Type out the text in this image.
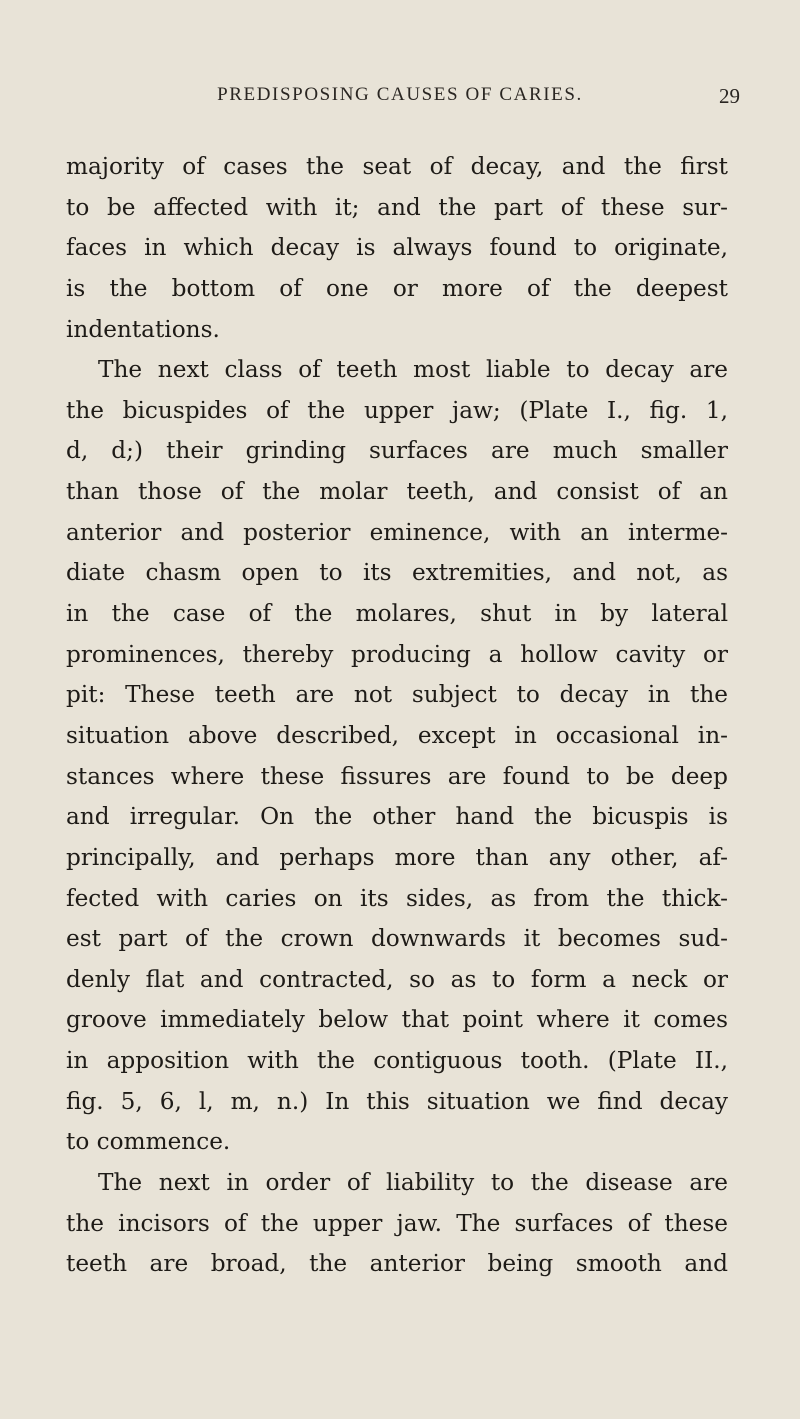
PREDISPOSING CAUSES OF CARIES.	29
majority of cases the seat of decay, and the first
to be affected with it; and the part of these sur-
faces in which decay is always found to originate,
is the bottom of one or more of the deepest
indentations.
The next class of teeth most liable to decay are
the bicuspides of the upper jaw; (Plate I., fig. 1,
d, d;) their grinding surfaces are much smaller
than those of the molar teeth, and consist of an
anterior and posterior eminence, with an interme-
diate chasm open to its extremities, and not, as
in the case of the molares, shut in by lateral
prominences, thereby producing a hollow cavity or
pit: These teeth are not subject to decay in the
situation above described, except in occasional in-
stances where these fissures are found to be deep
and irregular. On the other hand the bicuspis is
principally, and perhaps more than any other, af-
fected with caries on its sides, as from the thick-
est part of the crown downwards it becomes sud-
denly flat and contracted, so as to form a neck or
groove immediately below that point where it comes
in apposition with the contiguous tooth. (Plate II.,
fig. 5, 6, l, m, n.) In this situation we find decay
to commence.
The next in order of liability to the disease are
the incisors of the upper jaw. The surfaces of these
teeth are broad, the anterior being smooth and
